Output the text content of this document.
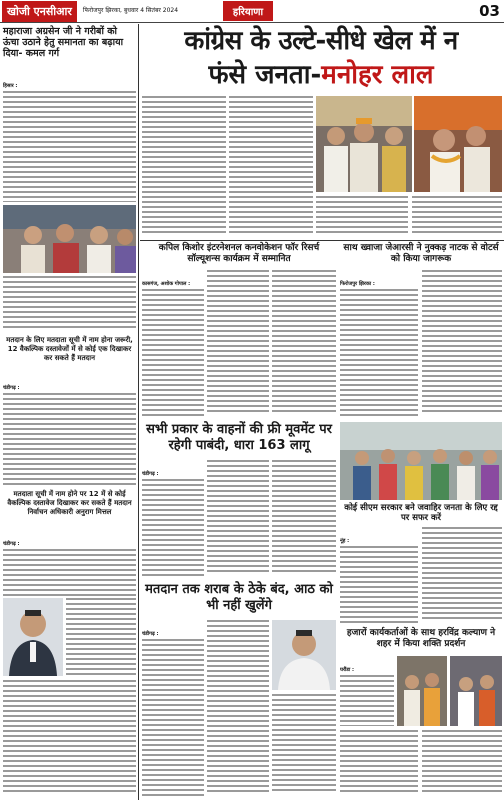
खोजी एनसीआर	फिरोजपुर झिरका, बुधवार 4 सितंबर 2024	हरियाणा	03
कांग्रेस के उल्टे-सीधे खेल में न
फंसे जनता-मनोहर लाल
महाराजा अग्रसेन जी ने गरीबों को ऊंचा उठाने हेतु समानता का बढ़ाया दिया- कमल गर्ग
हिसार :
मतदान के लिए मतदाता सूची में नाम होना जरूरी, 12 वैकल्पिक दस्तावेजों में से कोई एक दिखाकर कर सकते हैं मतदान
चंडीगढ़ :
मतदाता सूची में नाम होने पर 12 में से कोई वैकल्पिक दस्तावेज दिखाकर कर सकते हैं मतदान निर्वाचन अधिकारी अनुराग मित्तल
चंडीगढ़ :
कपिल किशोर इंटरनेशनल कनवोकेशन फॉर रिसर्च सॉल्यूशन्स कार्यक्रम में सम्मानित
कासगंज, अशोक गोपाल :
साथ ख्वाजा जेआरसी ने नुक्कड़ नाटक से वोटर्स को किया जागरूक
फिरोजपुर झिरका :
सभी प्रकार के वाहनों की फ्री मूवमेंट पर रहेगी पाबंदी, धारा 163 लागू
चंडीगढ़ :
कोई सीएम सरकार बने जवाहिर जनता के लिए रद्द पर सफर करें
नूंह :
मतदान तक शराब के ठेके बंद, आठ को भी नहीं खुलेंगे
चंडीगढ़ :	हजारों कार्यकर्ताओं के साथ हरविंद्र कल्याण ने शहर में किया शक्ति प्रदर्शन
घरौंडा :
